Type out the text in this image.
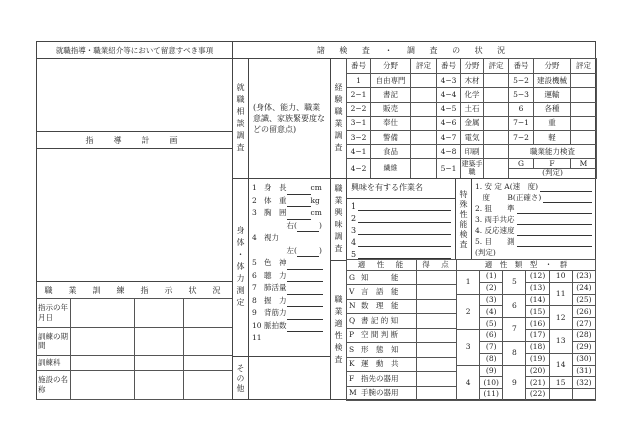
就職指導・職業紹介等において留意すべき事項
指　導　計　画
職　業　訓　練　指　示　状　況
指示の年月日			
訓練の期　間			
訓練科			
施設の名　称			
諸 検 査 ・ 調 査 の 状 況
就職相談調査	(身体、能力、職業意識、家族緊要度などの留意点)	経験職業調査
番号	分野	評定	番号	分野	評定	番号	分野	評定
1	自由専門		4−3	木材		5−2	建設機械	
2−1	書記		4−4	化学		5−3	運輸	
2−2	販売		4−5	土石		6	各種	
3−1	奉仕		4−6	金属		7−1	重	
3−2	警備		4−7	電気		7−2	軽	
4−1	食品		4−8	印刷		職業能力検査		
4−2	繊維		5−1	建築手職		G	F	M
						(判定)		
身体・体力測定
1 身　長	cm
2 体　重	kg
3 胸　囲	cm
　　　右(	)
4 視力
　　　左(	)
5 色　神
6 聴　力
7 肺活量
8 握　力
9 背筋力
10 脈拍数
11
その他
職業興味調査	興味を有する作業名
1
2
3
4
5
特殊性能検査
1. 安 定 A(速　度)
　度　　 B(正確さ)
2. 狙　　準
3. 両手共応
4. 反応速度
5. 目　　測
(判定)
職業適性検査
適　性　能	得　点
G 知　　　能	
V 言　語　能	
N 数　理　能	
Q 書 記 的 知	
P 空 間 判 断	
S 形　態　知	
K 運　動　共	
F 指先の器用	
M 手腕の器用	
適　性　類　型　・　群					
1	(1)	5	(12)	10	(23)
	(2)		(13)	11	(24)
2	(3)	6	(14)		(25)
	(4)		(15)	12	(26)
	(5)	7	(16)		(27)
3	(6)		(17)	13	(28)
	(7)	8	(18)		(29)
	(8)		(19)	14	(30)
4	(9)	9	(20)		(31)
	(10)		(21)	15	(32)
	(11)		(22)		
